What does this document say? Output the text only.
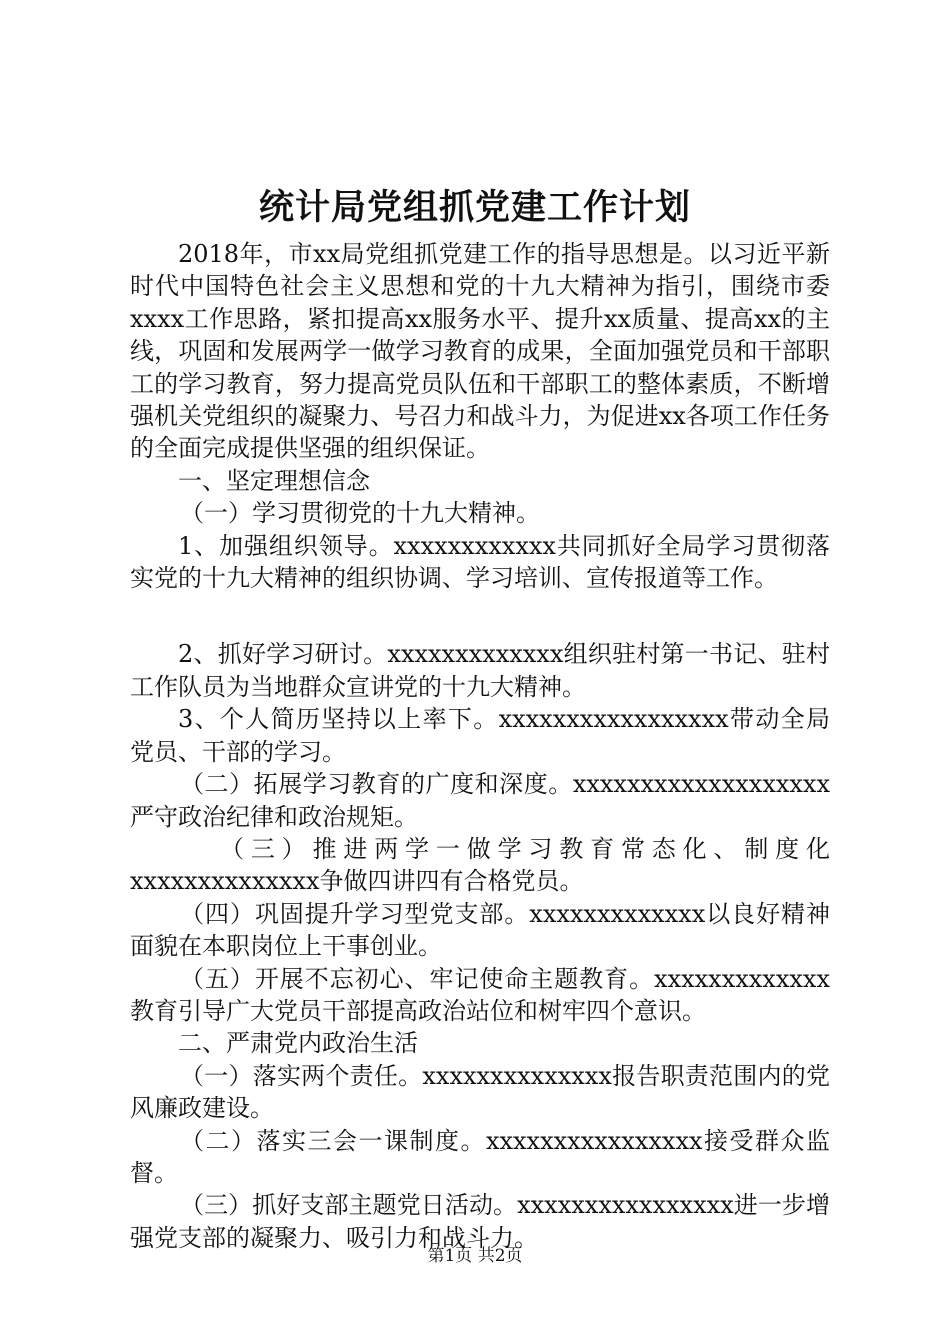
统计局党组抓党建工作计划

2018年，市xx局党组抓党建工作的指导思想是。以习近平新时代中国特色社会主义思想和党的十九大精神为指引，围绕市委xxxx工作思路，紧扣提高xx服务水平、提升xx质量、提高xx的主线，巩固和发展两学一做学习教育的成果，全面加强党员和干部职工的学习教育，努力提高党员队伍和干部职工的整体素质，不断增强机关党组织的凝聚力、号召力和战斗力，为促进xx各项工作任务的全面完成提供坚强的组织保证。

一、坚定理想信念

（一）学习贯彻党的十九大精神。

1、加强组织领导。xxxxxxxxxxxx共同抓好全局学习贯彻落实党的十九大精神的组织协调、学习培训、宣传报道等工作。

2、抓好学习研讨。xxxxxxxxxxxxx组织驻村第一书记、驻村工作队员为当地群众宣讲党的十九大精神。

3、个人简历坚持以上率下。xxxxxxxxxxxxxxxxx带动全局党员、干部的学习。

（二）拓展学习教育的广度和深度。xxxxxxxxxxxxxxxxxxx严守政治纪律和政治规矩。

（三）推进两学一做学习教育常态化、制度化xxxxxxxxxxxxxx争做四讲四有合格党员。

（四）巩固提升学习型党支部。xxxxxxxxxxxxx以良好精神面貌在本职岗位上干事创业。

（五）开展不忘初心、牢记使命主题教育。xxxxxxxxxxxxx教育引导广大党员干部提高政治站位和树牢四个意识。

二、严肃党内政治生活

（一）落实两个责任。xxxxxxxxxxxxxx报告职责范围内的党风廉政建设。

（二）落实三会一课制度。xxxxxxxxxxxxxxxx接受群众监督。

（三）抓好支部主题党日活动。xxxxxxxxxxxxxxxx进一步增强党支部的凝聚力、吸引力和战斗力。

第1页 共2页
